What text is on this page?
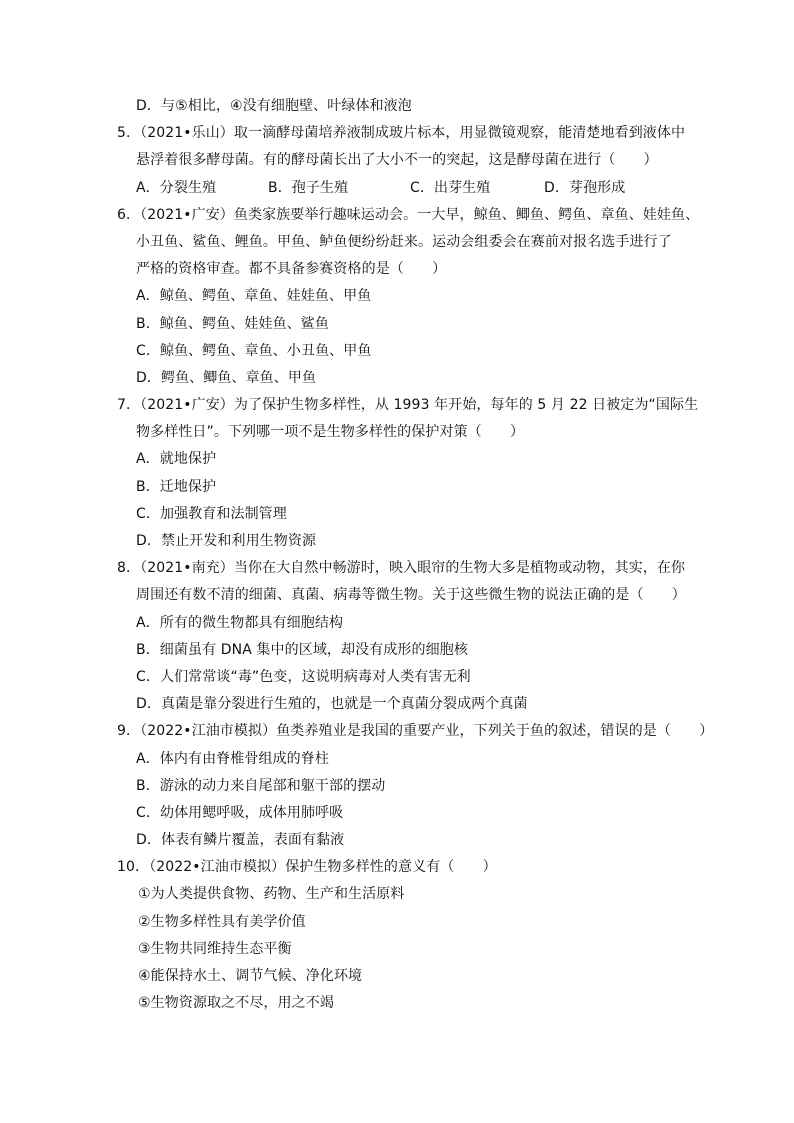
D．与⑤相比，④没有细胞壁、叶绿体和液泡
5．（2021•乐山）取一滴酵母菌培养液制成玻片标本，用显微镜观察，能清楚地看到液体中
悬浮着很多酵母菌。有的酵母菌长出了大小不一的突起，这是酵母菌在进行（　　）
A．分裂生殖	B．孢子生殖	C．出芽生殖	D．芽孢形成
6．（2021•广安）鱼类家族要举行趣味运动会。一大早，鲸鱼、鲫鱼、鳄鱼、章鱼、娃娃鱼、
小丑鱼、鲨鱼、鲤鱼。甲鱼、鲈鱼便纷纷赶来。运动会组委会在赛前对报名选手进行了
严格的资格审查。都不具备参赛资格的是（　　）
A．鲸鱼、鳄鱼、章鱼、娃娃鱼、甲鱼
B．鲸鱼、鳄鱼、娃娃鱼、鲨鱼
C．鲸鱼、鳄鱼、章鱼、小丑鱼、甲鱼
D．鳄鱼、鲫鱼、章鱼、甲鱼
7．（2021•广安）为了保护生物多样性，从 1993 年开始，每年的 5 月 22 日被定为“国际生
物多样性日”。下列哪一项不是生物多样性的保护对策（　　）
A．就地保护
B．迁地保护
C．加强教育和法制管理
D．禁止开发和利用生物资源
8．（2021•南充）当你在大自然中畅游时，映入眼帘的生物大多是植物或动物，其实，在你
周围还有数不清的细菌、真菌、病毒等微生物。关于这些微生物的说法正确的是（　　）
A．所有的微生物都具有细胞结构
B．细菌虽有 DNA 集中的区域，却没有成形的细胞核
C．人们常常谈“毒”色变，这说明病毒对人类有害无利
D．真菌是靠分裂进行生殖的，也就是一个真菌分裂成两个真菌
9．（2022•江油市模拟）鱼类养殖业是我国的重要产业，下列关于鱼的叙述，错误的是（　　）
A．体内有由脊椎骨组成的脊柱
B．游泳的动力来自尾部和躯干部的摆动
C．幼体用鳃呼吸，成体用肺呼吸
D．体表有鳞片覆盖，表面有黏液
10．（2022•江油市模拟）保护生物多样性的意义有（　　）
①为人类提供食物、药物、生产和生活原料
②生物多样性具有美学价值
③生物共同维持生态平衡
④能保持水土、调节气候、净化环境
⑤生物资源取之不尽，用之不竭
